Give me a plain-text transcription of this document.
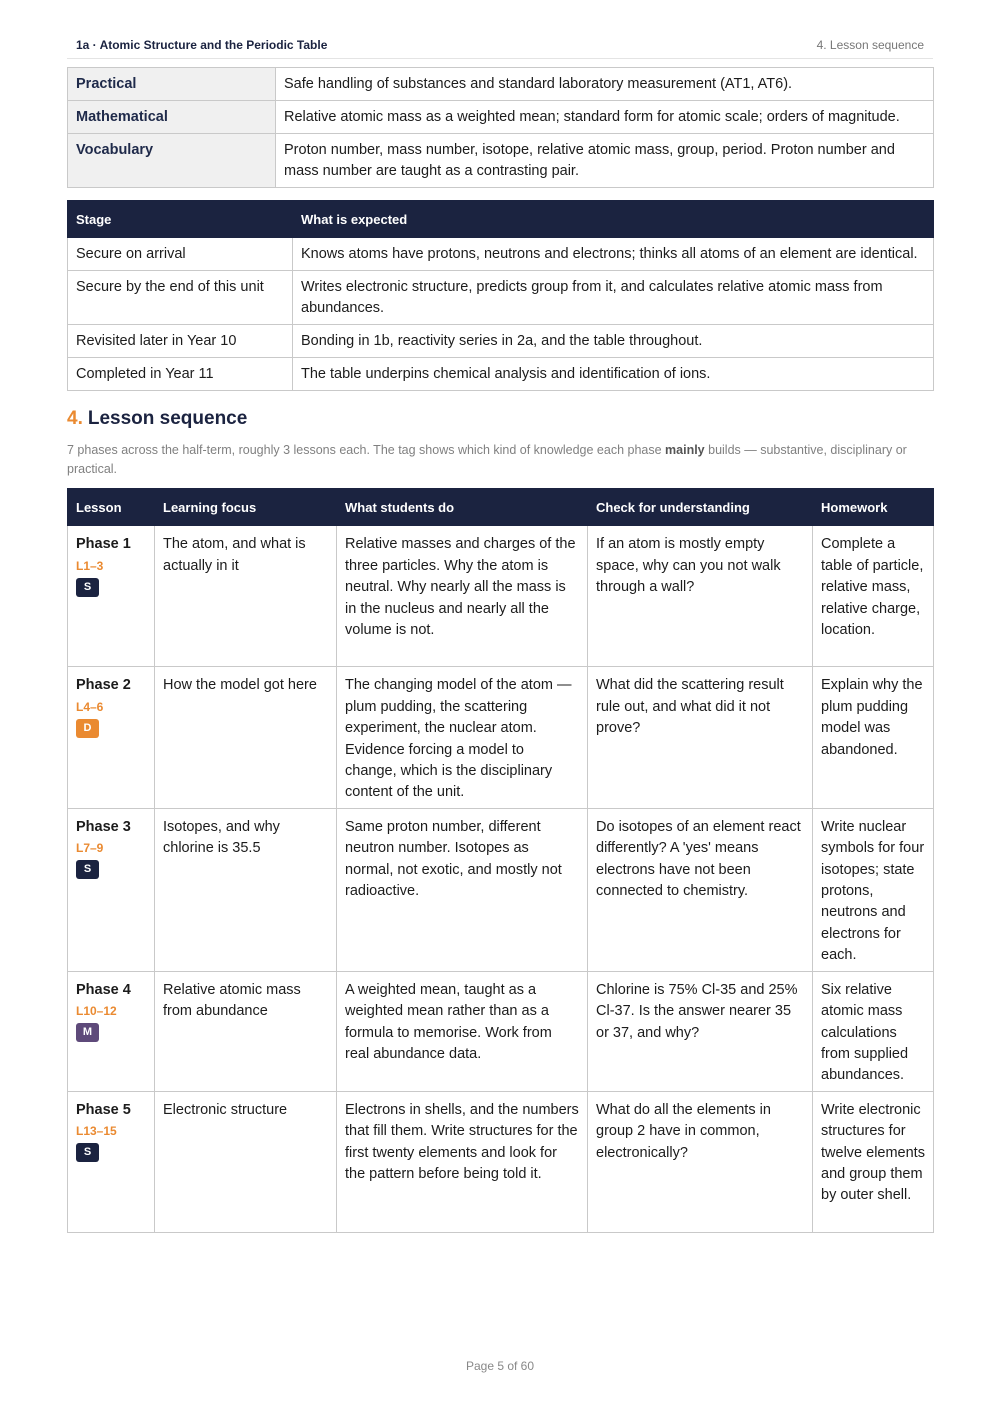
1a · Atomic Structure and the Periodic Table	4. Lesson sequence
Practical	Safe handling of substances and standard laboratory measurement (AT1, AT6).
Mathematical	Relative atomic mass as a weighted mean; standard form for atomic scale; orders of magnitude.
Vocabulary	Proton number, mass number, isotope, relative atomic mass, group, period. Proton number and mass number are taught as a contrasting pair.
Stage	What is expected
Secure on arrival	Knows atoms have protons, neutrons and electrons; thinks all atoms of an element are identical.
Secure by the end of this unit	Writes electronic structure, predicts group from it, and calculates relative atomic mass from abundances.
Revisited later in Year 10	Bonding in 1b, reactivity series in 2a, and the table throughout.
Completed in Year 11	The table underpins chemical analysis and identification of ions.
4. Lesson sequence
7 phases across the half-term, roughly 3 lessons each. The tag shows which kind of knowledge each phase mainly builds — substantive, disciplinary or practical.
Lesson	Learning focus	What students do	Check for understanding	Homework

Phase 1
L1–3
S	The atom, and what is actually in it	Relative masses and charges of the three particles. Why the atom is neutral. Why nearly all the mass is in the nucleus and nearly all the volume is not.	If an atom is mostly empty space, why can you not walk through a wall?	Complete a table of particle, relative mass, relative charge, location.

Phase 2
L4–6
D	How the model got here	The changing model of the atom — plum pudding, the scattering experiment, the nuclear atom. Evidence forcing a model to change, which is the disciplinary content of the unit.	What did the scattering result rule out, and what did it not prove?	Explain why the plum pudding model was abandoned.

Phase 3
L7–9
S	Isotopes, and why chlorine is 35.5	Same proton number, different neutron number. Isotopes as normal, not exotic, and mostly not radioactive.	Do isotopes of an element react differently? A 'yes' means electrons have not been connected to chemistry.	Write nuclear symbols for four isotopes; state protons, neutrons and electrons for each.

Phase 4
L10–12
M	Relative atomic mass from abundance	A weighted mean, taught as a weighted mean rather than as a formula to memorise. Work from real abundance data.	Chlorine is 75% Cl-35 and 25% Cl-37. Is the answer nearer 35 or 37, and why?	Six relative atomic mass calculations from supplied abundances.

Phase 5
L13–15
S	Electronic structure	Electrons in shells, and the numbers that fill them. Write structures for the first twenty elements and look for the pattern before being told it.	What do all the elements in group 2 have in common, electronically?	Write electronic structures for twelve elements and group them by outer shell.
Page 5 of 60
